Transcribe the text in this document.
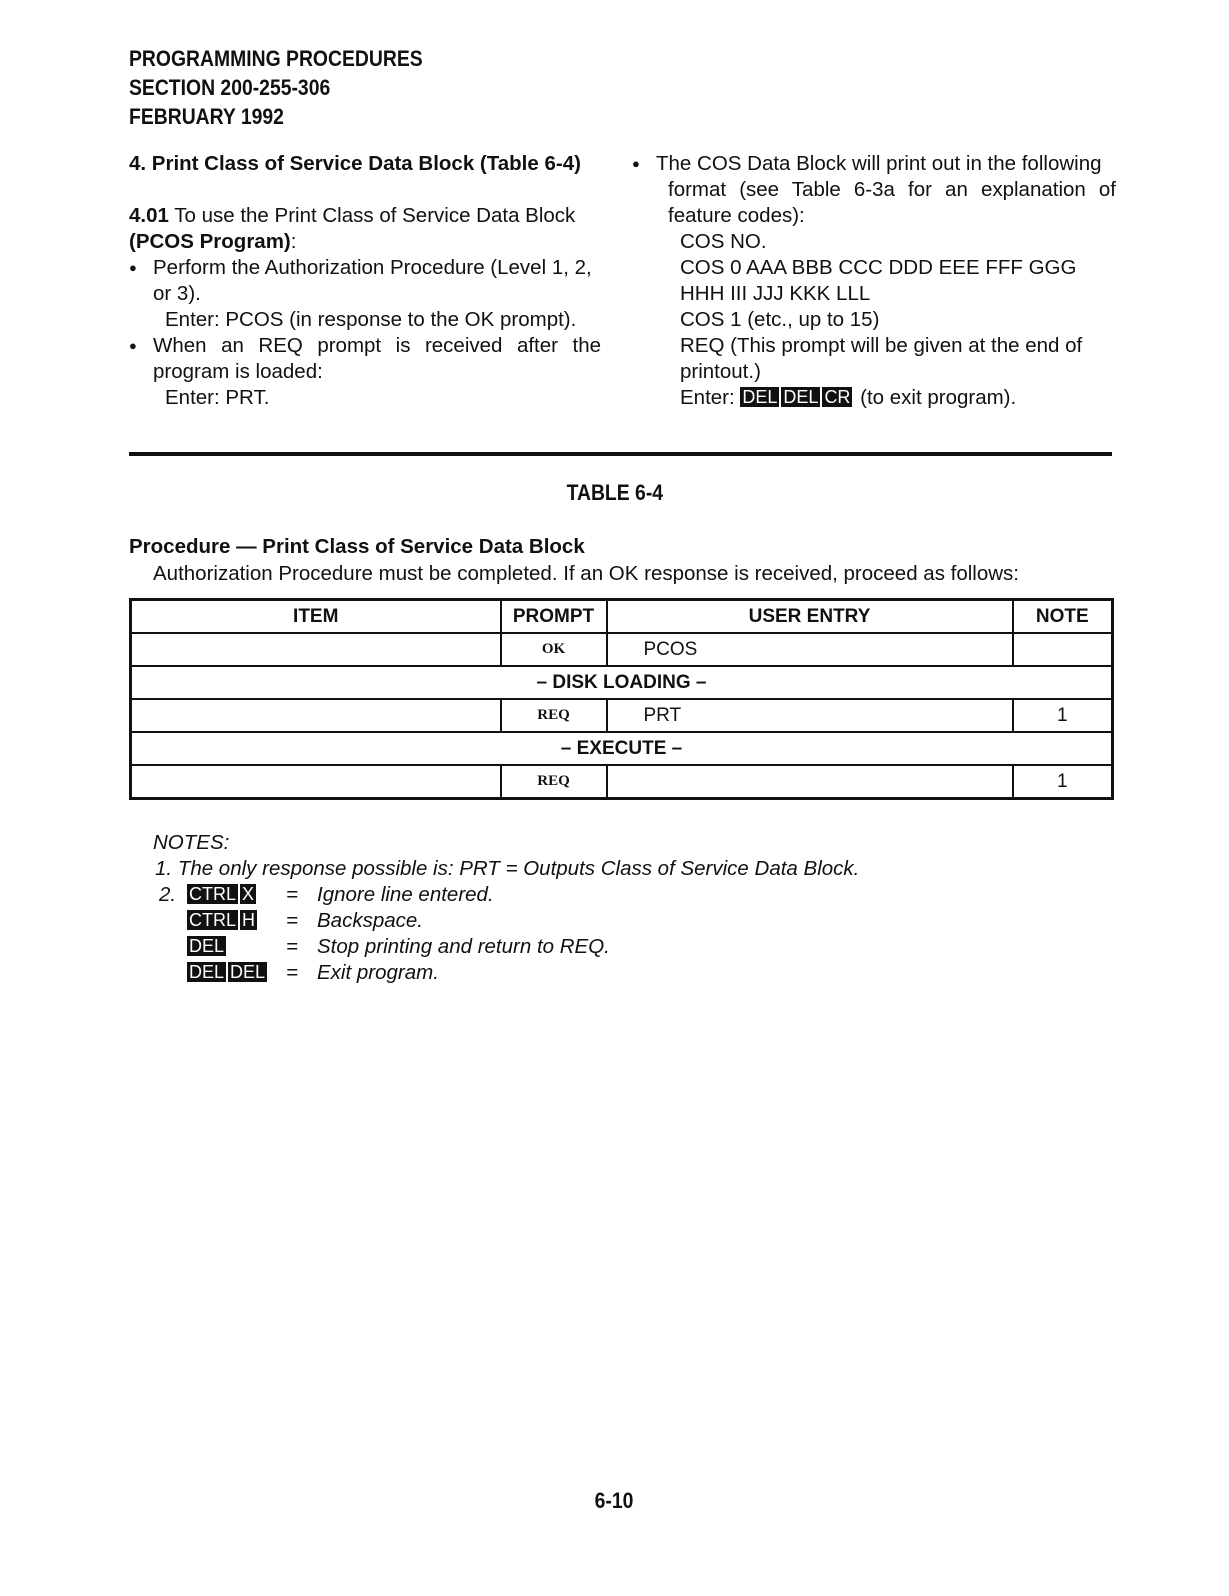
PROGRAMMING PROCEDURES
SECTION 200-255-306
FEBRUARY 1992

4. Print Class of Service Data Block (Table 6-4)

4.01 To use the Print Class of Service Data Block

(PCOS Program):

● Perform the Authorization Procedure (Level 1, 2,

or 3).

Enter: PCOS (in response to the OK prompt).

● When an REQ prompt is received after the

program is loaded:

Enter: PRT.

● The COS Data Block will print out in the following

format (see Table 6-3a for an explanation of

feature codes):

COS NO.

COS 0 AAA BBB CCC DDD EEE FFF GGG

HHH III JJJ KKK LLL

COS 1 (etc., up to 15)

REQ (This prompt will be given at the end of

printout.)

Enter: DEL DEL CR (to exit program).

TABLE 6-4
Procedure — Print Class of Service Data Block
Authorization Procedure must be completed. If an OK response is received, proceed as follows:
ITEM	PROMPT	USER ENTRY	NOTE
	OK	PCOS	
– DISK LOADING –			
	REQ	PRT	1
– EXECUTE –			
	REQ		1

NOTES:

1. The only response possible is: PRT = Outputs Class of Service Data Block.

2. CTRL X = Ignore line entered.
CTRL H = Backspace.
DEL	= Stop printing and return to REQ.
DEL DEL = Exit program.
6-10
